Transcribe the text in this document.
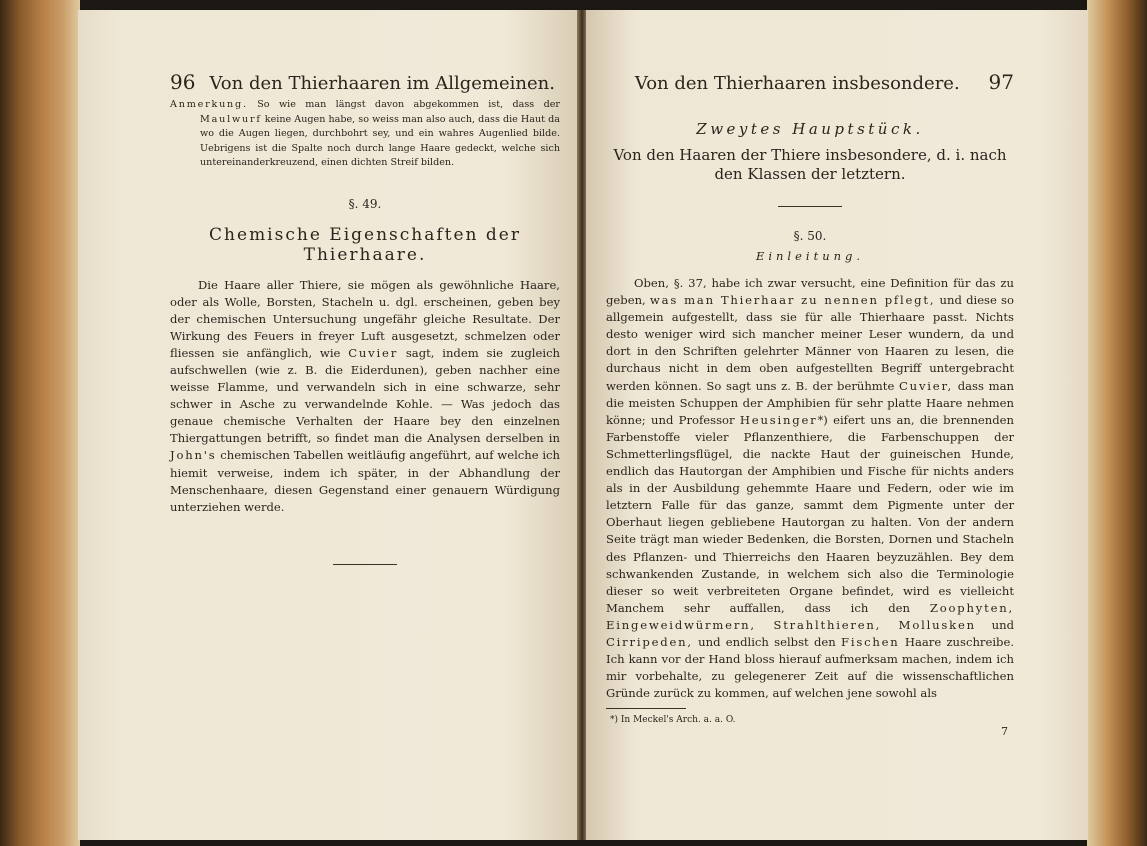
96 Von den Thierhaaren im Allgemeinen.

Anmerkung. So wie man längst davon abgekommen ist, dass der Maulwurf keine Augen habe, so weiss man also auch, dass die Haut da wo die Augen liegen, durchbohrt sey, und ein wahres Augenlied bilde. Uebrigens ist die Spalte noch durch lange Haare gedeckt, welche sich untereinanderkreuzend, einen dichten Streif bilden.

§. 49.

Chemische Eigenschaften der Thierhaare.

Die Haare aller Thiere, sie mögen als gewöhnliche Haare, oder als Wolle, Borsten, Stacheln u. dgl. erscheinen, geben bey der chemischen Untersuchung ungefähr gleiche Resultate. Der Wirkung des Feuers in freyer Luft ausgesetzt, schmelzen oder fliessen sie anfänglich, wie Cuvier sagt, indem sie zugleich aufschwellen (wie z. B. die Eiderdunen), geben nachher eine weisse Flamme, und verwandeln sich in eine schwarze, sehr schwer in Asche zu verwandelnde Kohle. — Was jedoch das genaue chemische Verhalten der Haare bey den einzelnen Thiergattungen betrifft, so findet man die Analysen derselben in John's chemischen Tabellen weitläufig angeführt, auf welche ich hiemit verweise, indem ich später, in der Abhandlung der Menschenhaare, diesen Gegenstand einer genauern Würdigung unterziehen werde.

Von den Thierhaaren insbesondere.	97

Zweytes Hauptstück.

Von den Haaren der Thiere insbesondere, d. i. nach den Klassen der letztern.

§. 50.

Einleitung.

Oben, §. 37, habe ich zwar versucht, eine Definition für das zu geben, was man Thierhaar zu nennen pflegt, und diese so allgemein aufgestellt, dass sie für alle Thierhaare passt. Nichts desto weniger wird sich mancher meiner Leser wundern, da und dort in den Schriften gelehrter Männer von Haaren zu lesen, die durchaus nicht in dem oben aufgestellten Begriff untergebracht werden können. So sagt uns z. B. der berühmte Cuvier, dass man die meisten Schuppen der Amphibien für sehr platte Haare nehmen könne; und Professor Heusinger*) eifert uns an, die brennenden Farbenstoffe vieler Pflanzenthiere, die Farbenschuppen der Schmetterlingsflügel, die nackte Haut der guineischen Hunde, endlich das Hautorgan der Amphibien und Fische für nichts anders als in der Ausbildung gehemmte Haare und Federn, oder wie im letztern Falle für das ganze, sammt dem Pigmente unter der Oberhaut liegen gebliebene Hautorgan zu halten. Von der andern Seite trägt man wieder Bedenken, die Borsten, Dornen und Stacheln des Pflanzen- und Thierreichs den Haaren beyzuzählen. Bey dem schwankenden Zustande, in welchem sich also die Terminologie dieser so weit verbreiteten Organe befindet, wird es vielleicht Manchem sehr auffallen, dass ich den Zoophyten, Eingeweidwürmern, Strahlthieren, Mollusken und Cirripeden, und endlich selbst den Fischen Haare zuschreibe. Ich kann vor der Hand bloss hierauf aufmerksam machen, indem ich mir vorbehalte, zu gelegenerer Zeit auf die wissenschaftlichen Gründe zurück zu kommen, auf welchen jene sowohl als

*) In Meckel's Arch. a. a. O.

7
